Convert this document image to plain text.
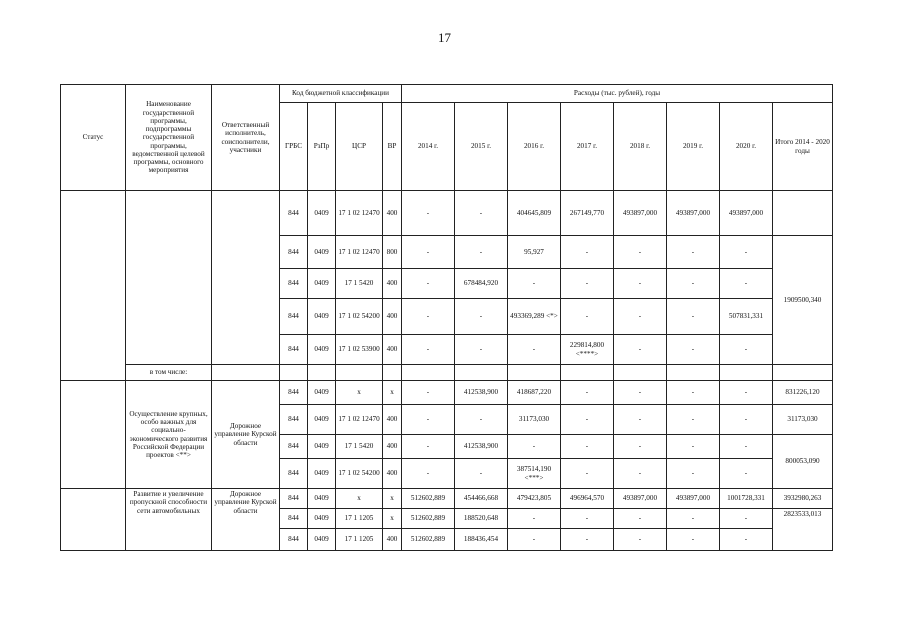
17
Статус	Наименование государственной программы, подпрограммы государственной программы, ведомственной целевой программы, основного мероприятия	Ответственный исполнитель, соисполнители, участники	Код бюджетной классификации				Расходы (тыс. рублей), годы							
			ГРБС	РзПр	ЦСР	ВР	2014 г.	2015 г.	2016 г.	2017 г.	2018 г.	2019 г.	2020 г.	Итого 2014 - 2020 годы
			844	0409	17 1 02 12470	400	-	-	404645,809	267149,770	493897,000	493897,000	493897,000	
			844	0409	17 1 02 12470	800	-	-	95,927	-	-	-	-	1909500,340
			844	0409	17 1 5420	400	-	678484,920	-	-	-	-	-	
			844	0409	17 1 02 54200	400	-	-	493369,289 <*>	-	-	-	507831,331	
			844	0409	17 1 02 53900	400	-	-	-	229814,800 <****>	-	-	-	
	в том числе:													
	Осуществление крупных, особо важных для социально-экономического развития Российской Федерации проектов <**>	Дорожное управление Курской области	844	0409	x	x	-	412538,900	418687,220	-	-	-	-	831226,120
			844	0409	17 1 02 12470	400	-	-	31173,030	-	-	-	-	31173,030
			844	0409	17 1 5420	400	-	412538,900	-	-	-	-	-	800053,090
			844	0409	17 1 02 54200	400	-	-	387514,190 <***>	-	-	-	-	
	Развитие и увеличение пропускной способности сети автомобильных	Дорожное управление Курской области	844	0409	x	x	512602,889	454466,668	479423,805	496964,570	493897,000	493897,000	1001728,331	3932980,263
			844	0409	17 1 1205	x	512602,889	188520,648	-	-	-	-	-	2823533,013
			844	0409	17 1 1205	400	512602,889	188436,454	-	-	-	-	-	
